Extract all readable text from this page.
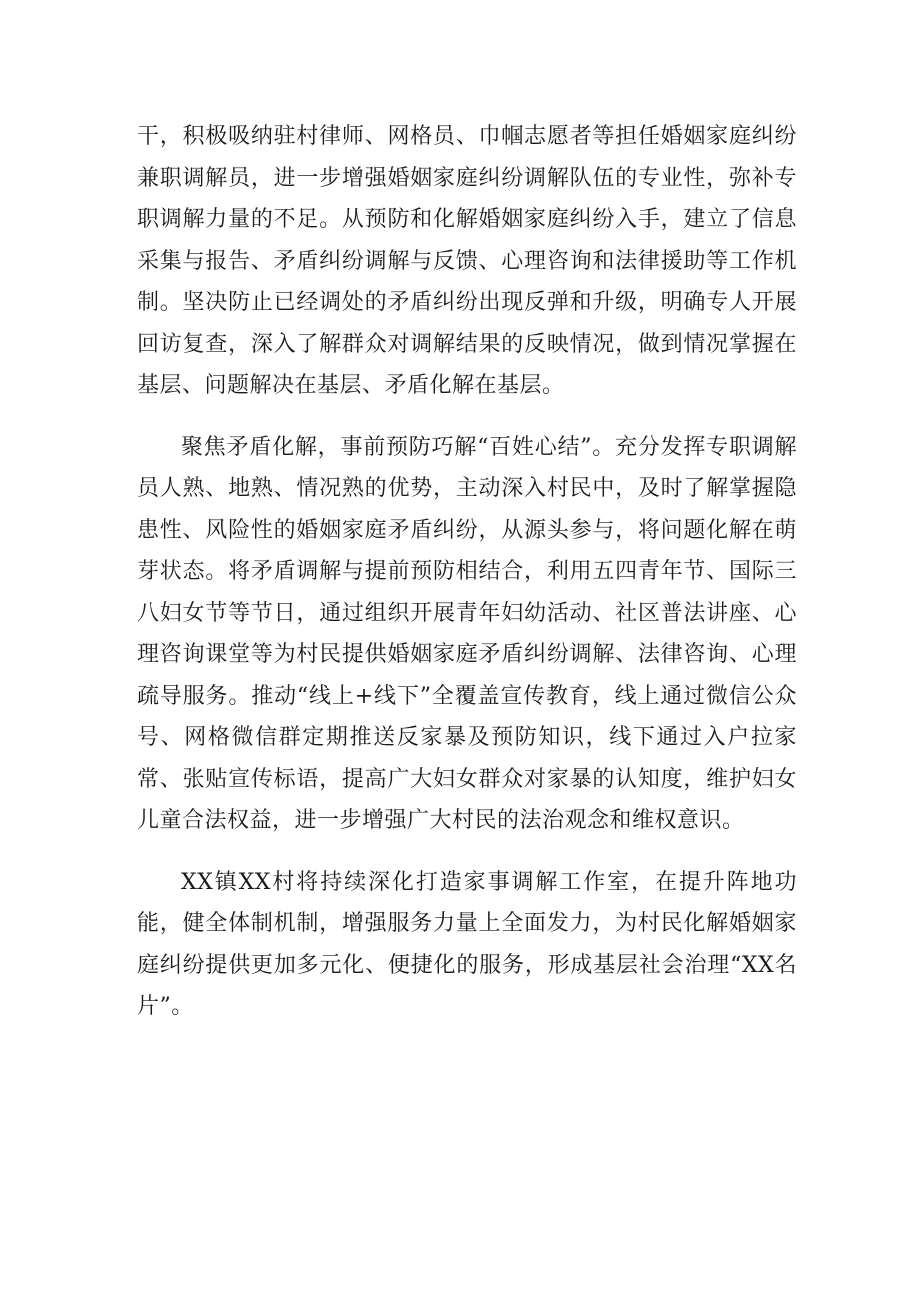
干，积极吸纳驻村律师、网格员、巾帼志愿者等担任婚姻家庭纠纷兼职调解员，进一步增强婚姻家庭纠纷调解队伍的专业性，弥补专职调解力量的不足。从预防和化解婚姻家庭纠纷入手，建立了信息采集与报告、矛盾纠纷调解与反馈、心理咨询和法律援助等工作机制。坚决防止已经调处的矛盾纠纷出现反弹和升级，明确专人开展回访复查，深入了解群众对调解结果的反映情况，做到情况掌握在基层、问题解决在基层、矛盾化解在基层。

聚焦矛盾化解，事前预防巧解“百姓心结”。充分发挥专职调解员人熟、地熟、情况熟的优势，主动深入村民中，及时了解掌握隐患性、风险性的婚姻家庭矛盾纠纷，从源头参与，将问题化解在萌芽状态。将矛盾调解与提前预防相结合，利用五四青年节、国际三八妇女节等节日，通过组织开展青年妇幼活动、社区普法讲座、心理咨询课堂等为村民提供婚姻家庭矛盾纠纷调解、法律咨询、心理疏导服务。推动“线上+线下”全覆盖宣传教育，线上通过微信公众号、网格微信群定期推送反家暴及预防知识，线下通过入户拉家常、张贴宣传标语，提高广大妇女群众对家暴的认知度，维护妇女儿童合法权益，进一步增强广大村民的法治观念和维权意识。

XX镇XX村将持续深化打造家事调解工作室，在提升阵地功能，健全体制机制，增强服务力量上全面发力，为村民化解婚姻家庭纠纷提供更加多元化、便捷化的服务，形成基层社会治理“XX名片”。
